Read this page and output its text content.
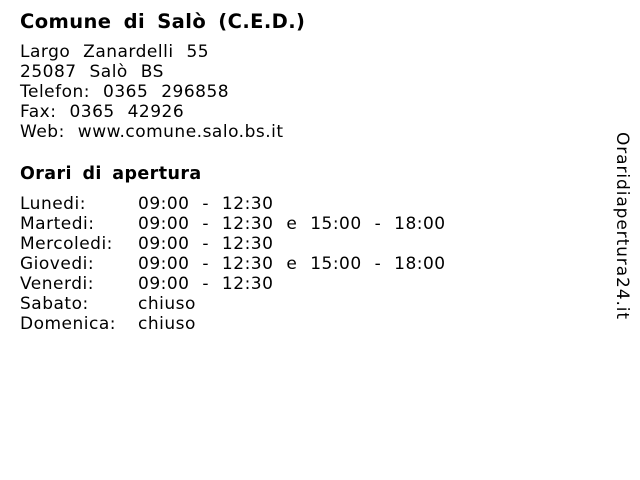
Comune di Salò (C.E.D.)
Largo Zanardelli 55
25087 Salò BS
Telefon: 0365 296858
Fax: 0365 42926
Web: www.comune.salo.bs.it
Orari di apertura
Lunedi:	09:00 - 12:30
Martedi:	09:00 - 12:30 e 15:00 - 18:00
Mercoledi:	09:00 - 12:30
Giovedi:	09:00 - 12:30 e 15:00 - 18:00
Venerdi:	09:00 - 12:30
Sabato:	chiuso
Domenica:	chiuso
Oraridiapertura24.it
